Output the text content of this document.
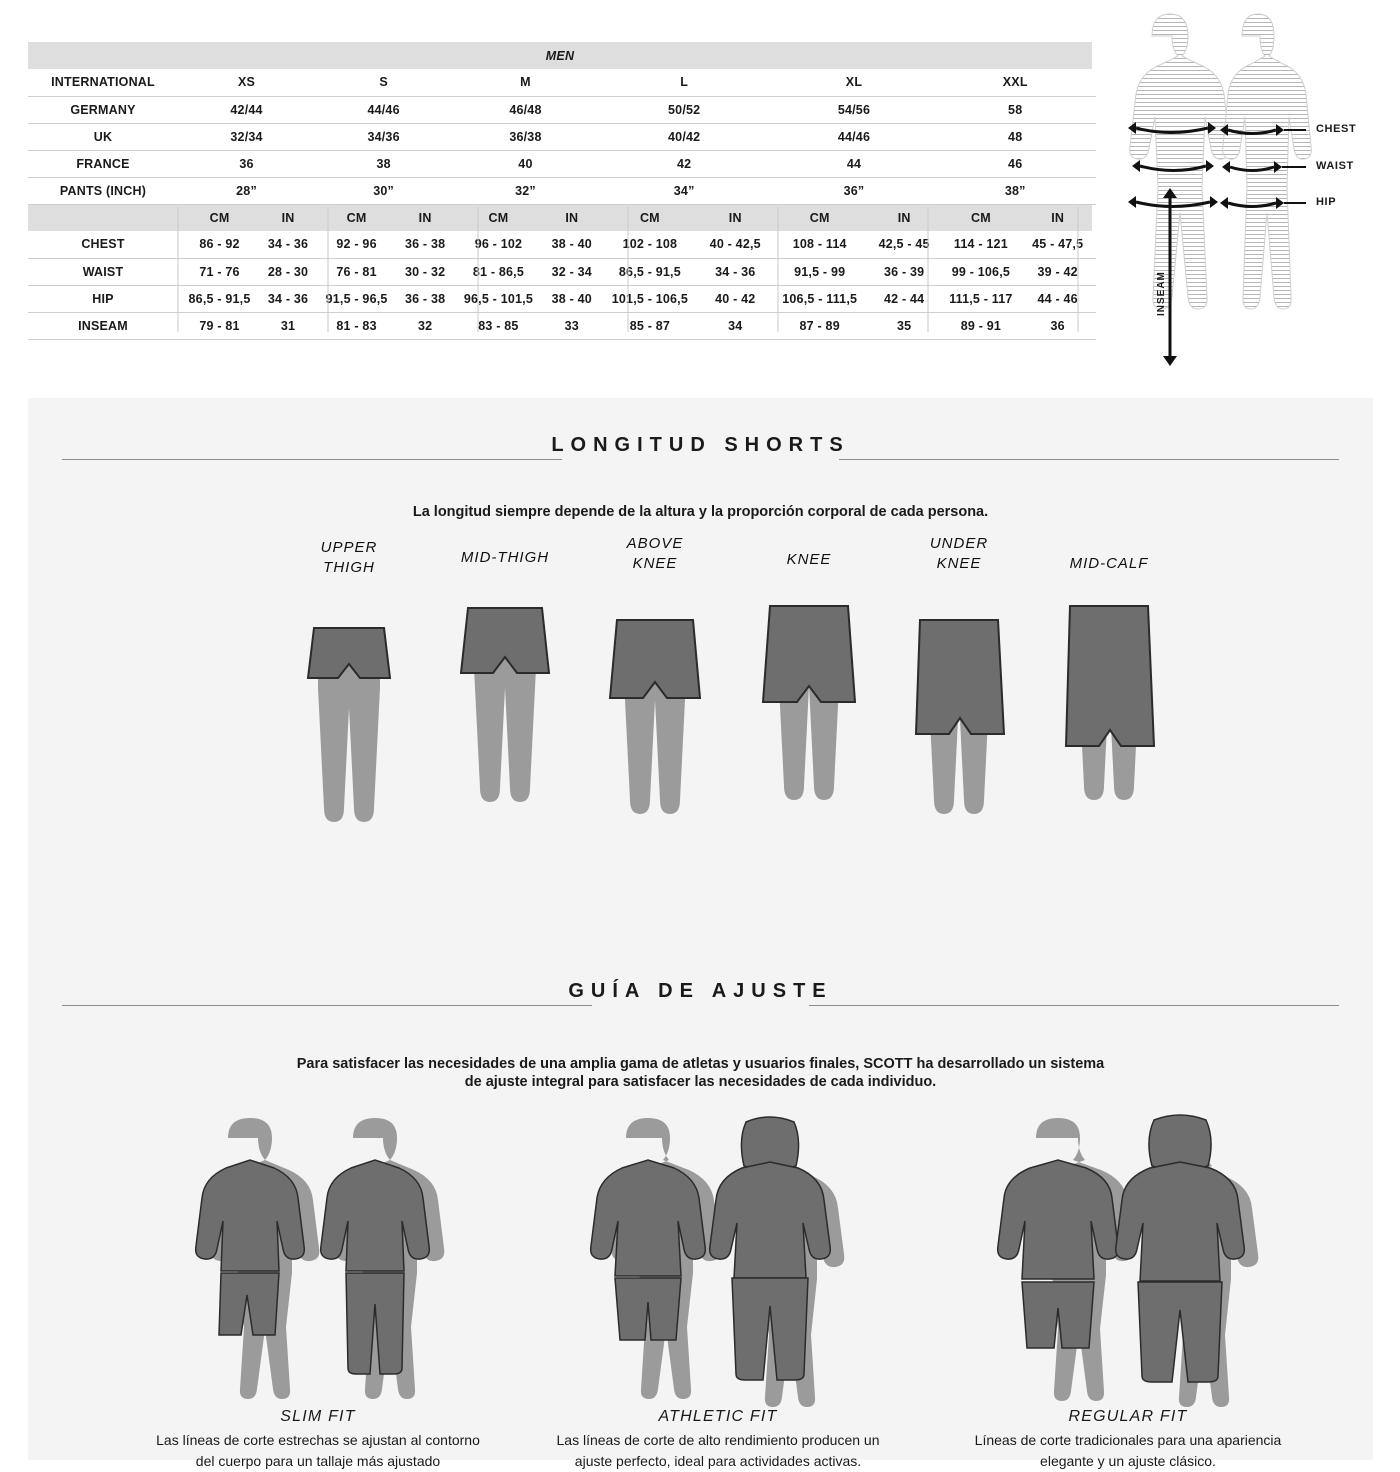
MEN													
INTERNATIONAL	XS		S		M		L		XL		XXL		
GERMANY	42/44		44/46		46/48		50/52		54/56		58		
UK	32/34		34/36		36/38		40/42		44/46		48		
FRANCE	36		38		40		42		44		46		
PANTS (INCH)	28”		30”		32”		34”		36”		38”		
	CM	IN	CM	IN	CM	IN	CM	IN	CM	IN	CM	IN	
CHEST	86 - 92	34 - 36	92 - 96	36 - 38	96 - 102	38 - 40	102 - 108	40 - 42,5	108 - 114	42,5 - 45	114 - 121	45 - 47,5	
WAIST	71 - 76	28 - 30	76 - 81	30 - 32	81 - 86,5	32 - 34	86,5 - 91,5	34 - 36	91,5 - 99	36 - 39	99 - 106,5	39 - 42	
HIP	86,5 - 91,5	34 - 36	91,5 - 96,5	36 - 38	96,5 - 101,5	38 - 40	101,5 - 106,5	40 - 42	106,5 - 111,5	42 - 44	111,5 - 117	44 - 46	
INSEAM	79 - 81	31	81 - 83	32	83 - 85	33	85 - 87	34	87 - 89	35	89 - 91	36	
CHEST
WAIST
HIP
INSEAM
LONGITUD SHORTS
La longitud siempre depende de la altura y la proporción corporal de cada persona.
UPPER
THIGH
MID-THIGH
ABOVE
KNEE	KNEE
UNDER
KNEE	MID-CALF
GUÍA DE AJUSTE
Para satisfacer las necesidades de una amplia gama de atletas y usuarios finales, SCOTT ha desarrollado un sistema
de ajuste integral para satisfacer las necesidades de cada individuo.
SLIM FIT
Las líneas de corte estrechas se ajustan al contorno del cuerpo para un tallaje más ajustado
ATHLETIC FIT
Las líneas de corte de alto rendimiento producen un ajuste perfecto, ideal para actividades activas.
REGULAR FIT
Líneas de corte tradicionales para una apariencia elegante y un ajuste clásico.
